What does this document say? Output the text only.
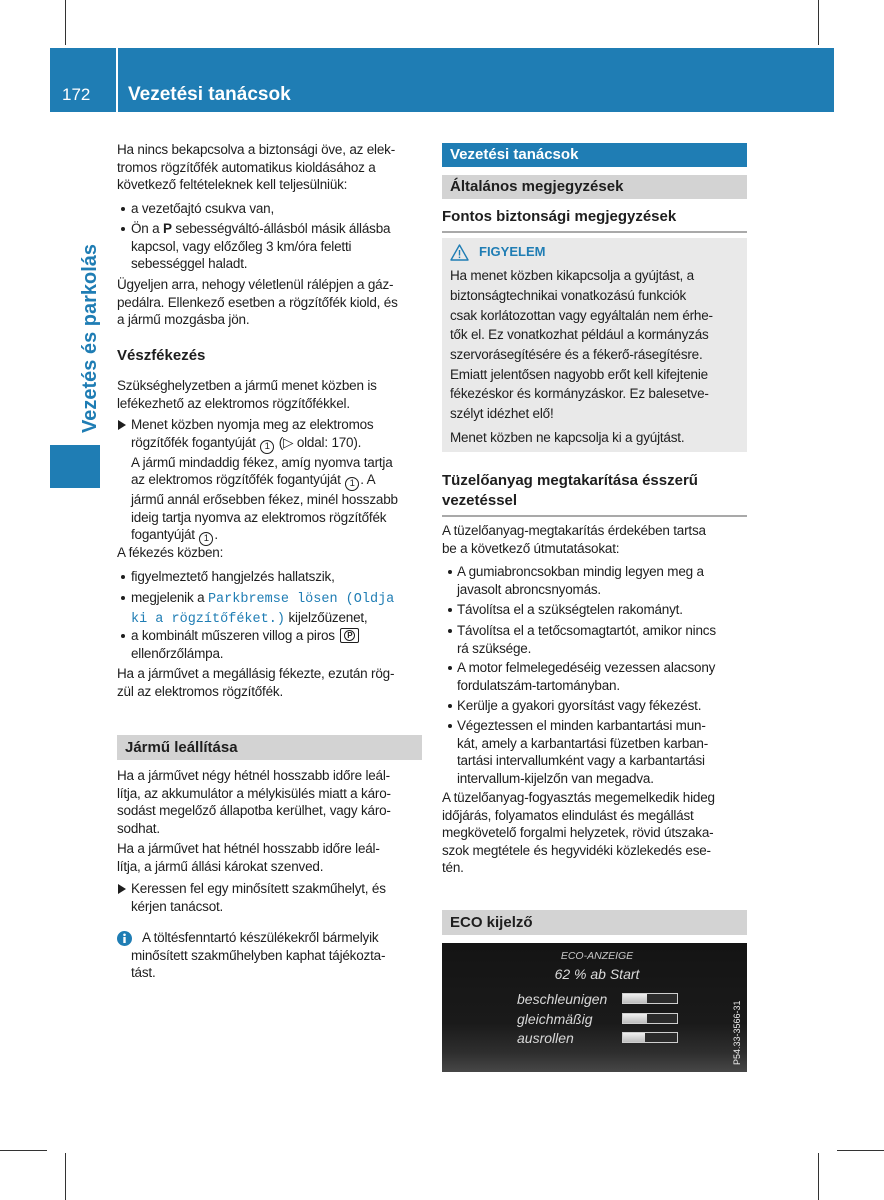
172 Vezetési tanácsok
Vezetés és parkolás
Ha nincs bekapcsolva a biztonsági öve, az elek-
tromos rögzítőfék automatikus kioldásához a
következő feltételeknek kell teljesülniük:
a vezetőajtó csukva van,
Ön a P sebességváltó-állásból másik állásba
kapcsol, vagy előzőleg 3 km/óra feletti
sebességgel haladt.
Ügyeljen arra, nehogy véletlenül rálépjen a gáz-
pedálra. Ellenkező esetben a rögzítőfék kiold, és
a jármű mozgásba jön.
Vészfékezés
Szükséghelyzetben a jármű menet közben is
lefékezhető az elektromos rögzítőfékkel.
Menet közben nyomja meg az elektromos
rögzítőfék fogantyúját 1 (▷ oldal: 170).
A jármű mindaddig fékez, amíg nyomva tartja
az elektromos rögzítőfék fogantyúját 1 . A
jármű annál erősebben fékez, minél hosszabb
ideig tartja nyomva az elektromos rögzítőfék
fogantyúját 1 .
A fékezés közben:
figyelmeztető hangjelzés hallatszik,
megjelenik a Parkbremse lösen (Oldja
ki a rögzítőféket.) kijelzőüzenet,
a kombinált műszeren villog a piros	P

ellenőrzőlámpa.
Ha a járművet a megállásig fékezte, ezután rög-
zül az elektromos rögzítőfék.
Jármű leállítása
Ha a járművet négy hétnél hosszabb időre leál-
lítja, az akkumulátor a mélykisülés miatt a káro-
sodást megelőző állapotba kerülhet, vagy káro-
sodhat.
Ha a járművet hat hétnél hosszabb időre leál-
lítja, a jármű állási károkat szenved.
Keressen fel egy minősített szakműhelyt, és
kérjen tanácsot.
A töltésfenntartó készülékekről bármelyik
minősített szakműhelyben kaphat tájékozta-
tást.
Vezetési tanácsok
Általános megjegyzések
Fontos biztonsági megjegyzések
FIGYELEM
Ha menet közben kikapcsolja a gyújtást, a
biztonságtechnikai vonatkozású funkciók
csak korlátozottan vagy egyáltalán nem érhe-
tők el. Ez vonatkozhat például a kormányzás
szervorásegítésére és a fékerő-rásegítésre.
Emiatt jelentősen nagyobb erőt kell kifejtenie
fékezéskor és kormányzáskor. Ez balesetve-
szélyt idézhet elő!
Menet közben ne kapcsolja ki a gyújtást.
Tüzelőanyag megtakarítása ésszerű
vezetéssel
A tüzelőanyag-megtakarítás érdekében tartsa
be a következő útmutatásokat:
A gumiabroncsokban mindig legyen meg a
javasolt abroncsnyomás.
Távolítsa el a szükségtelen rakományt.
Távolítsa el a tetőcsomagtartót, amikor nincs
rá szüksége.
A motor felmelegedéséig vezessen alacsony
fordulatszám-tartományban.
Kerülje a gyakori gyorsítást vagy fékezést.
Végeztessen el minden karbantartási mun-
kát, amely a karbantartási füzetben karban-
tartási intervallumként vagy a karbantartási
intervallum-kijelzőn van megadva.
A tüzelőanyag-fogyasztás megemelkedik hideg
időjárás, folyamatos elindulást és megállást
megkövetelő forgalmi helyzetek, rövid útszaka-
szok megtétele és hegyvidéki közlekedés ese-
tén.
ECO kijelző
ECO-ANZEIGE
62 % ab Start
beschleunigen
gleichmäßig
ausrollen	P54.33-3566-31
